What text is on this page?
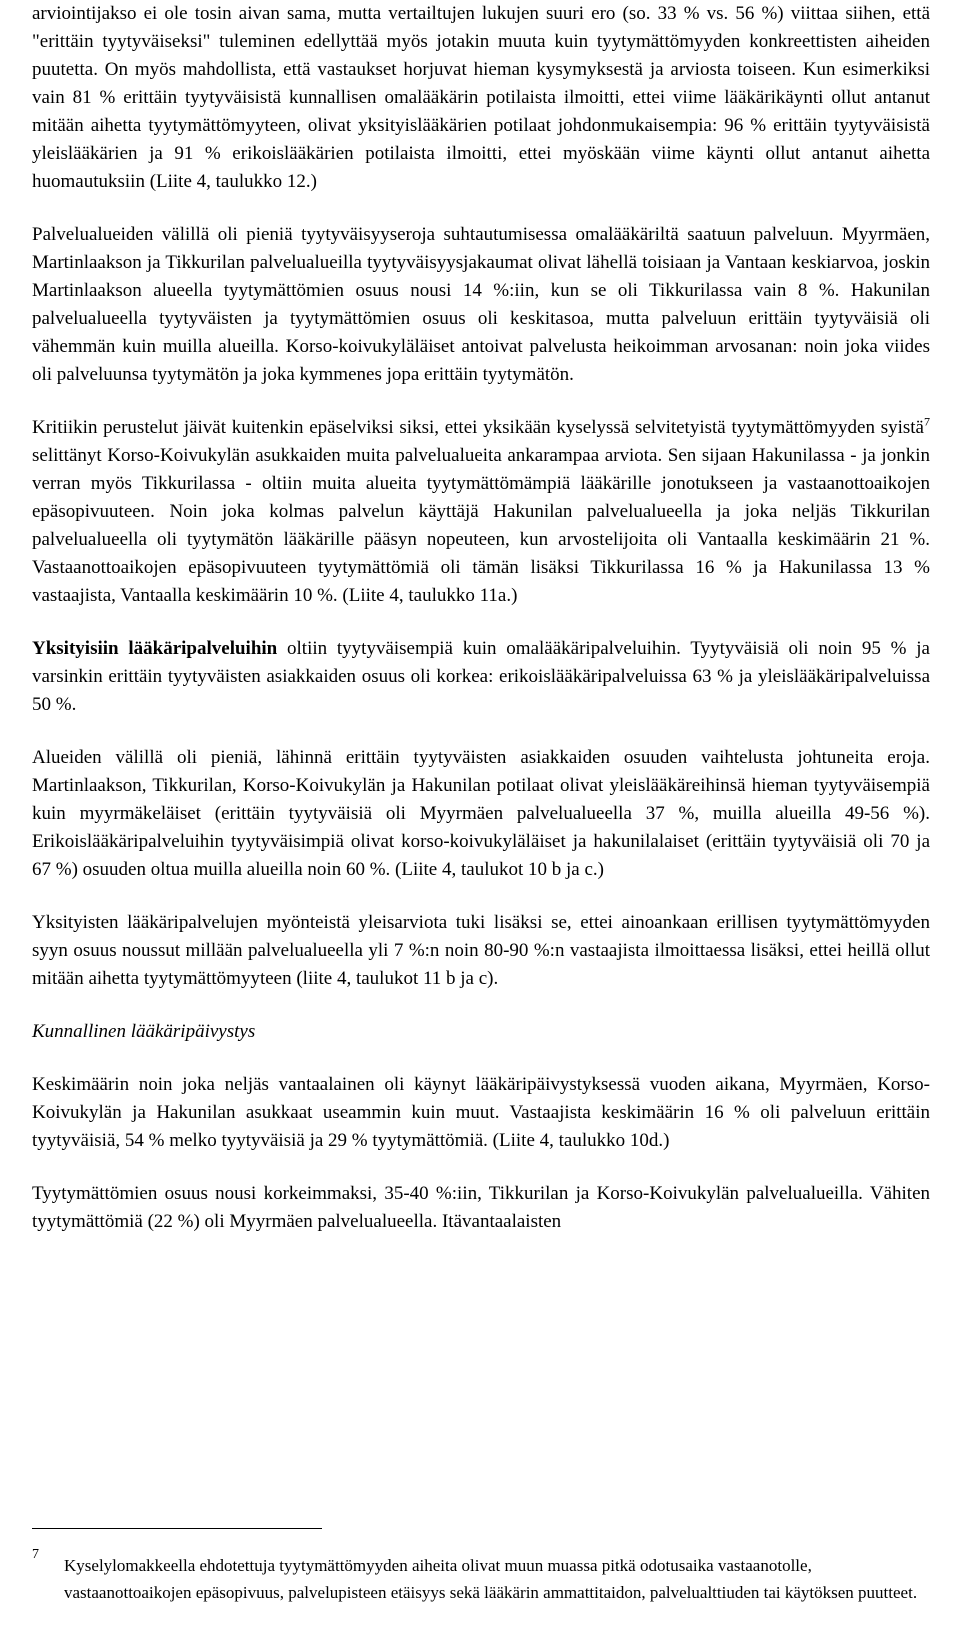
arviointijakso ei ole tosin aivan sama, mutta vertailtujen lukujen suuri ero (so. 33 % vs. 56 %) viittaa siihen, että "erittäin tyytyväiseksi" tuleminen edellyttää myös jotakin muuta kuin tyytymättömyyden konkreettisten aiheiden puutetta. On myös mahdollista, että vastaukset horjuvat hieman kysymyksestä ja arviosta toiseen. Kun esimerkiksi vain 81 % erittäin tyytyväisistä kunnallisen omalääkärin potilaista ilmoitti, ettei viime lääkärikäynti ollut antanut mitään aihetta tyytymättömyyteen, olivat yksityislääkärien potilaat johdonmukaisempia: 96 % erittäin tyytyväisistä yleislääkärien ja 91 % erikoislääkärien potilaista ilmoitti, ettei myöskään viime käynti ollut antanut aihetta huomautuksiin (Liite 4, taulukko 12.)

Palvelualueiden välillä oli pieniä tyytyväisyyseroja suhtautumisessa omalääkäriltä saatuun palveluun. Myyrmäen, Martinlaakson ja Tikkurilan palvelualueilla tyytyväisyysjakaumat olivat lähellä toisiaan ja Vantaan keskiarvoa, joskin Martinlaakson alueella tyytymättömien osuus nousi 14 %:iin, kun se oli Tikkurilassa vain 8 %. Hakunilan palvelualueella tyytyväisten ja tyytymättömien osuus oli keskitasoa, mutta palveluun erittäin tyytyväisiä oli vähemmän kuin muilla alueilla. Korso-koivukyläläiset antoivat palvelusta heikoimman arvosanan: noin joka viides oli palveluunsa tyytymätön ja joka kymmenes jopa erittäin tyytymätön.

Kritiikin perustelut jäivät kuitenkin epäselviksi siksi, ettei yksikään kyselyssä selvitetyistä tyytymättömyyden syistä$^7$ selittänyt Korso-Koivukylän asukkaiden muita palvelualueita ankarampaa arviota. Sen sijaan Hakunilassa - ja jonkin verran myös Tikkurilassa - oltiin muita alueita tyytymättömämpiä lääkärille jonotukseen ja vastaanottoaikojen epäsopivuuteen. Noin joka kolmas palvelun käyttäjä Hakunilan palvelualueella ja joka neljäs Tikkurilan palvelualueella oli tyytymätön lääkärille pääsyn nopeuteen, kun arvostelijoita oli Vantaalla keskimäärin 21 %. Vastaanottoaikojen epäsopivuuteen tyytymättömiä oli tämän lisäksi Tikkurilassa 16 % ja Hakunilassa 13 % vastaajista, Vantaalla keskimäärin 10 %. (Liite 4, taulukko 11a.)

Yksityisiin lääkäripalveluihin oltiin tyytyväisempiä kuin omalääkäripalveluihin. Tyytyväisiä oli noin 95 % ja varsinkin erittäin tyytyväisten asiakkaiden osuus oli korkea: erikoislääkäripalveluissa 63 % ja yleislääkäripalveluissa 50 %.

Alueiden välillä oli pieniä, lähinnä erittäin tyytyväisten asiakkaiden osuuden vaihtelusta johtuneita eroja. Martinlaakson, Tikkurilan, Korso-Koivukylän ja Hakunilan potilaat olivat yleislääkäreihinsä hieman tyytyväisempiä kuin myyrmäkeläiset (erittäin tyytyväisiä oli Myyrmäen palvelualueella 37 %, muilla alueilla 49-56 %). Erikoislääkäripalveluihin tyytyväisimpiä olivat korso-koivukyläläiset ja hakunilalaiset (erittäin tyytyväisiä oli 70 ja 67 %) osuuden oltua muilla alueilla noin 60 %. (Liite 4, taulukot 10 b ja c.)

Yksityisten lääkäripalvelujen myönteistä yleisarviota tuki lisäksi se, ettei ainoankaan erillisen tyytymättömyyden syyn osuus noussut millään palvelualueella yli 7 %:n noin 80-90 %:n vastaajista ilmoittaessa lisäksi, ettei heillä ollut mitään aihetta tyytymättömyyteen (liite 4, taulukot 11 b ja c).

Kunnallinen lääkäripäivystys

Keskimäärin noin joka neljäs vantaalainen oli käynyt lääkäripäivystyksessä vuoden aikana, Myyrmäen, Korso-Koivukylän ja Hakunilan asukkaat useammin kuin muut. Vastaajista keskimäärin 16 % oli palveluun erittäin tyytyväisiä, 54 % melko tyytyväisiä ja 29 % tyytymättömiä. (Liite 4, taulukko 10d.)

Tyytymättömien osuus nousi korkeimmaksi, 35-40 %:iin, Tikkurilan ja Korso-Koivukylän palvelualueilla. Vähiten tyytymättömiä (22 %) oli Myyrmäen palvelualueella. Itävantaalaisten

7
Kyselylomakkeella ehdotettuja tyytymättömyyden aiheita olivat muun muassa pitkä odotusaika vastaanotolle, vastaanottoaikojen epäsopivuus, palvelupisteen etäisyys sekä lääkärin ammattitaidon, palvelualttiuden tai käytöksen puutteet.
